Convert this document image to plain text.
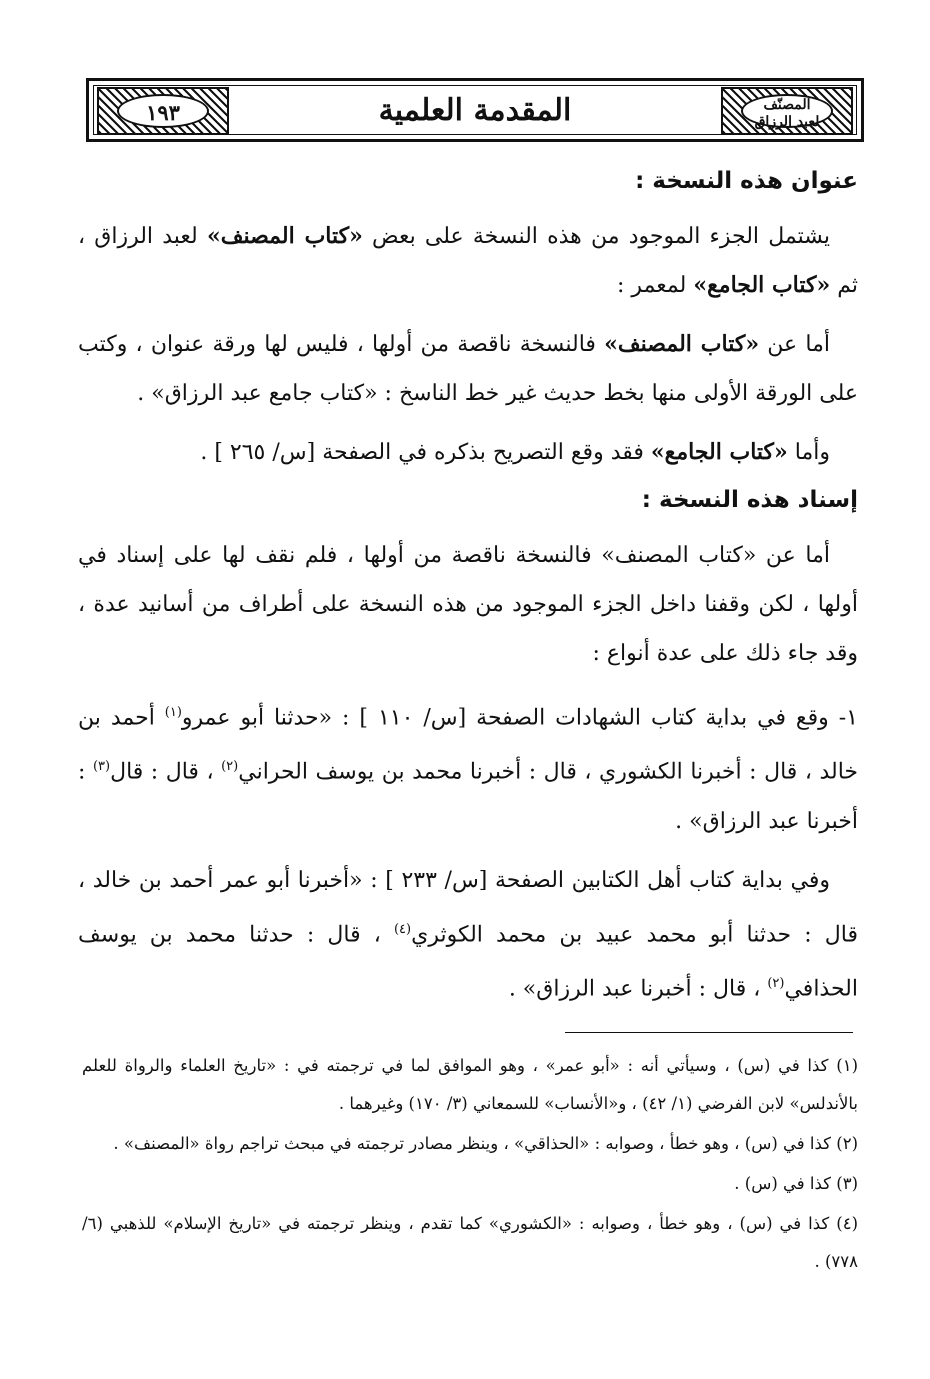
١٩٣	المقدمة العلمية	المصنّف
لعبد الرزاق
عنوان هذه النسخة :

يشتمل الجزء الموجود من هذه النسخة على بعض «كتاب المصنف» لعبد الرزاق ، ثم «كتاب الجامع» لمعمر :

أما عن «كتاب المصنف» فالنسخة ناقصة من أولها ، فليس لها ورقة عنوان ، وكتب على الورقة الأولى منها بخط حديث غير خط الناسخ : «كتاب جامع عبد الرزاق» .

وأما «كتاب الجامع» فقد وقع التصريح بذكره في الصفحة [س/ ٢٦٥ ] .

إسناد هذه النسخة :

أما عن «كتاب المصنف» فالنسخة ناقصة من أولها ، فلم نقف لها على إسناد في أولها ، لكن وقفنا داخل الجزء الموجود من هذه النسخة على أطراف من أسانيد عدة ، وقد جاء ذلك على عدة أنواع :

١- وقع في بداية كتاب الشهادات الصفحة [س/ ١١٠ ] : «حدثنا أبو عمرو$^{(١)}$ أحمد بن خالد ، قال : أخبرنا الكشوري ، قال : أخبرنا محمد بن يوسف الحراني$^{(٢)}$ ، قال : قال$^{(٣)}$ : أخبرنا عبد الرزاق» .

وفي بداية كتاب أهل الكتابين الصفحة [س/ ٢٣٣ ] : «أخبرنا أبو عمر أحمد بن خالد ، قال : حدثنا أبو محمد عبيد بن محمد الكوثري$^{(٤)}$ ، قال : حدثنا محمد بن يوسف الحذافي$^{(٢)}$ ، قال : أخبرنا عبد الرزاق» .

(١) كذا في (س) ، وسيأتي أنه : «أبو عمر» ، وهو الموافق لما في ترجمته في : «تاريخ العلماء والرواة للعلم بالأندلس» لابن الفرضي (١/ ٤٢) ، و«الأنساب» للسمعاني (٣/ ١٧٠) وغيرهما .

(٢) كذا في (س) ، وهو خطأ ، وصوابه : «الحذاقي» ، وينظر مصادر ترجمته في مبحث تراجم رواة «المصنف» .

(٣) كذا في (س) .

(٤) كذا في (س) ، وهو خطأ ، وصوابه : «الكشوري» كما تقدم ، وينظر ترجمته في «تاريخ الإسلام» للذهبي (٦/ ٧٧٨) .
